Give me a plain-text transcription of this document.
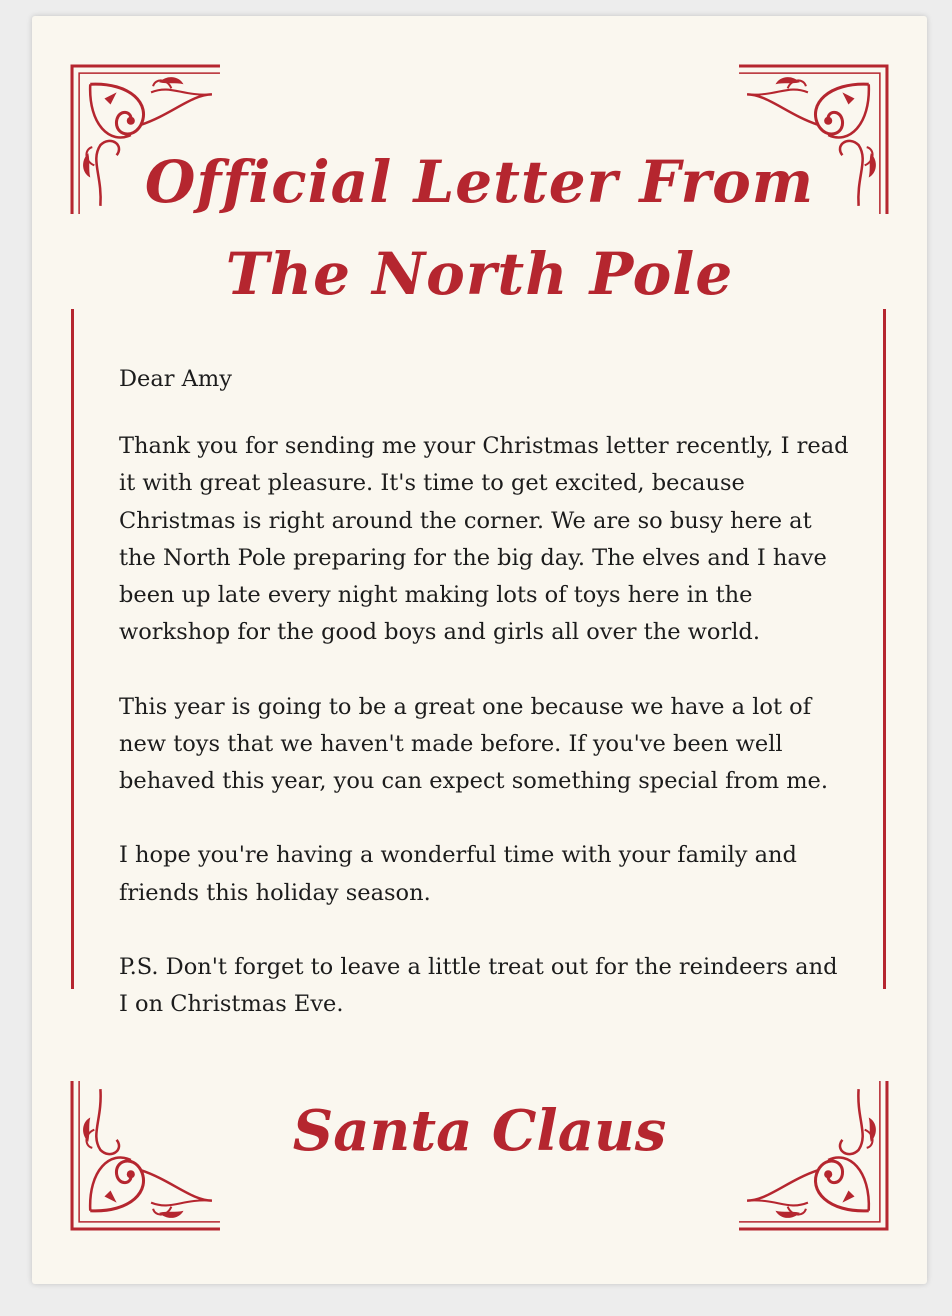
Official Letter From
The North Pole

Dear Amy

Thank you for sending me your Christmas letter recently, I read it with great pleasure. It's time to get excited, because Christmas is right around the corner. We are so busy here at the North Pole preparing for the big day. The elves and I have been up late every night making lots of toys here in the workshop for the good boys and girls all over the world.

This year is going to be a great one because we have a lot of new toys that we haven't made before. If you've been well behaved this year, you can expect something special from me.

I hope you're having a wonderful time with your family and friends this holiday season.

P.S. Don't forget to leave a little treat out for the reindeers and I on Christmas Eve.

Santa Claus
